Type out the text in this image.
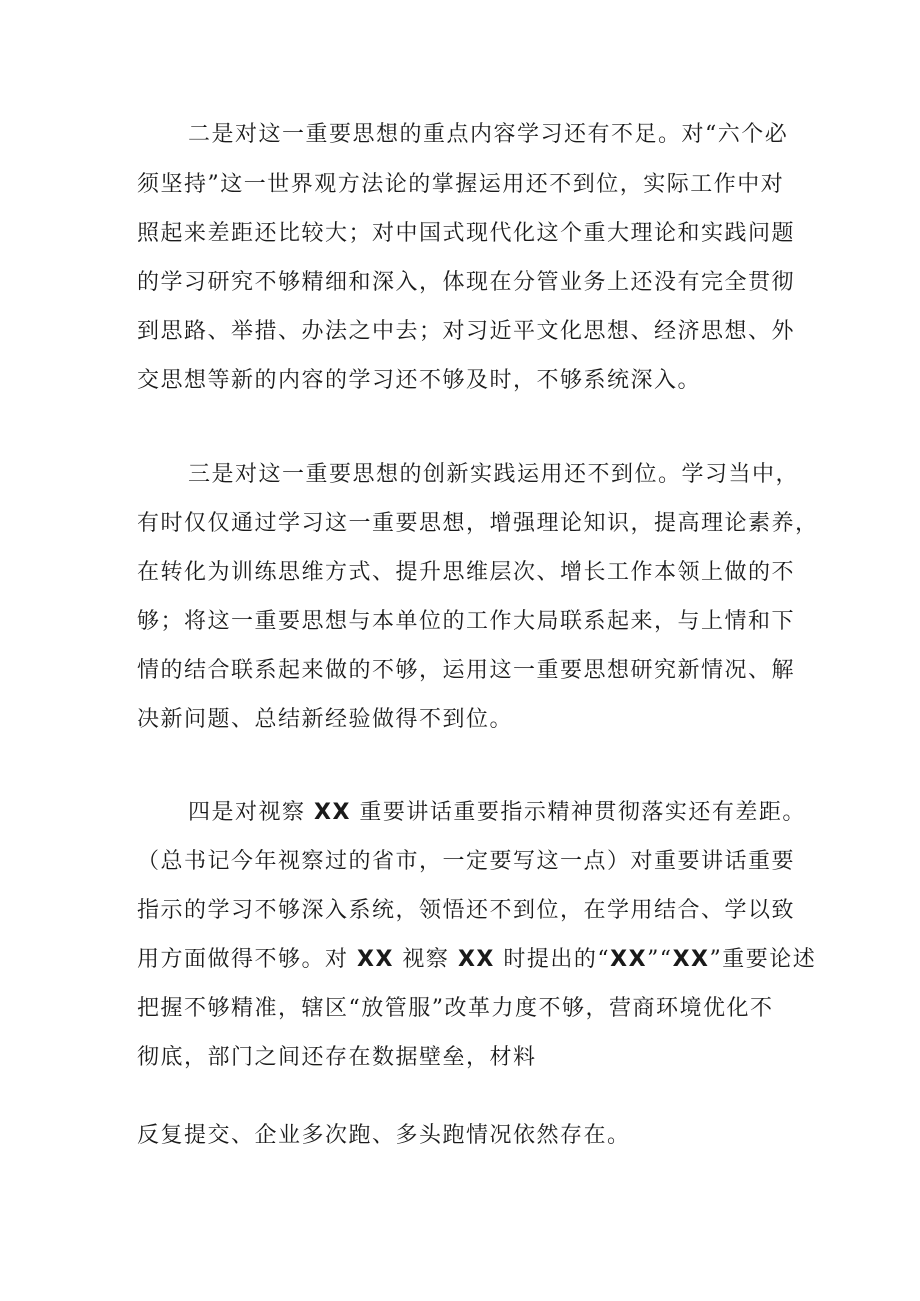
二是对这一重要思想的重点内容学习还有不足。对“六个必
须坚持”这一世界观方法论的掌握运用还不到位，实际工作中对
照起来差距还比较大；对中国式现代化这个重大理论和实践问题
的学习研究不够精细和深入，体现在分管业务上还没有完全贯彻
到思路、举措、办法之中去；对习近平文化思想、经济思想、外
交思想等新的内容的学习还不够及时，不够系统深入。
三是对这一重要思想的创新实践运用还不到位。学习当中，
有时仅仅通过学习这一重要思想，增强理论知识，提高理论素养，
在转化为训练思维方式、提升思维层次、增长工作本领上做的不
够；将这一重要思想与本单位的工作大局联系起来，与上情和下
情的结合联系起来做的不够，运用这一重要思想研究新情况、解
决新问题、总结新经验做得不到位。
四是对视察 XX 重要讲话重要指示精神贯彻落实还有差距。
（总书记今年视察过的省市，一定要写这一点）对重要讲话重要
指示的学习不够深入系统，领悟还不到位，在学用结合、学以致
用方面做得不够。对 XX 视察 XX 时提出的“XX”“XX”重要论述
把握不够精准，辖区“放管服”改革力度不够，营商环境优化不
彻底，部门之间还存在数据壁垒，材料
反复提交、企业多次跑、多头跑情况依然存在。
